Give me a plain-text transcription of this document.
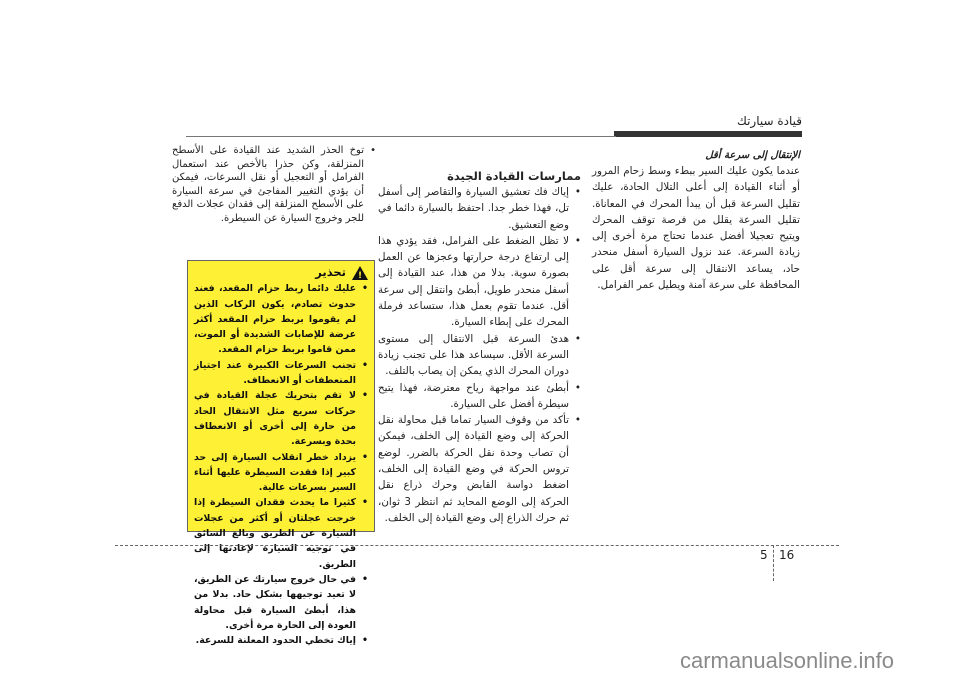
قيادة سيارتك
الإنتقال إلى سرعة أقل
عندما يكون عليك السير ببطء وسط زحام المرور أو أثناء القيادة إلى أعلى التلال الحادة، عليك تقليل السرعة قبل أن يبدأ المحرك في المعاناة. تقليل السرعة يقلل من فرصة توقف المحرك ويتيح تعجيلا أفضل عندما تحتاج مرة أخرى إلى زيادة السرعة. عند نزول السيارة أسفل منحدر حاد، يساعد الانتقال إلى سرعة أقل على المحافظة على سرعة آمنة ويطيل عمر الفرامل.
ممارسات القيادة الجيدة
• إياك فك تعشيق السيارة والتقاصر إلى أسفل تل، فهذا خطر جدا. احتفظ بالسيارة دائما في وضع التعشيق.
• لا تظل الضغط على الفرامل، فقد يؤدي هذا إلى ارتفاع درجة حرارتها وعجزها عن العمل بصورة سوية. بدلا من هذا، عند القيادة إلى أسفل منحدر طويل، أبطئ وانتقل إلى سرعة أقل. عندما تقوم بعمل هذا، ستساعد فرملة المحرك على إبطاء السيارة.
• هدئ السرعة قبل الانتقال إلى مستوى السرعة الأقل. سيساعد هذا على تجنب زيادة دوران المحرك الذي يمكن إن يصاب بالتلف.
• أبطئ عند مواجهة رياح معترضة، فهذا يتيح سيطرة أفضل على السيارة.
• تأكد من وقوف السيار تماما قبل محاولة نقل الحركة إلى وضع القيادة إلى الخلف، فيمكن أن تصاب وحدة نقل الحركة بالضرر. لوضع تروس الحركة في وضع القيادة إلى الخلف، اضغط دواسة القابض وحرك ذراع نقل الحركة إلى الوضع المحايد ثم انتظر 3 ثوان، ثم حرك الذراع إلى وضع القيادة إلى الخلف.
• توخ الحذر الشديد عند القيادة على الأسطح المنزلقة، وكن حذرا بالأخص عند استعمال الفرامل أو التعجيل أو نقل السرعات، فيمكن أن يؤدي التغيير المفاجئ في سرعة السيارة على الأسطح المنزلقة إلى فقدان عجلات الدفع للجر وخروج السيارة عن السيطرة.
!
تحذير
• عليك دائما ربط حزام المقعد، فعند حدوث تصادم، يكون الركاب الذين لم يقوموا بربط حزام المقعد أكثر عرضة للإصابات الشديدة أو الموت، ممن قاموا بربط حزام المقعد.
• تجنب السرعات الكبيرة عند اجتياز المنعطفات أو الانعطاف.
• لا تقم بتحريك عجلة القيادة في حركات سريع مثل الانتقال الحاد من حارة إلى أخرى أو الانعطاف بحدة وبسرعة.
• يزداد خطر انقلاب السيارة إلى حد كبير إذا فقدت السيطرة عليها أثناء السير بسرعات عالية.
• كثيرا ما يحدث فقدان السيطرة إذا خرجت عجلتان أو أكثر من عجلات السيارة عن الطريق وبالغ السائق في توجيه السيارة لإعادتها إلى الطريق.
• في حال خروج سيارتك عن الطريق، لا تعيد توجيهها بشكل حاد. بدلا من هذا، أبطئ السيارة قبل محاولة العودة إلى الحارة مرة أخرى.
• إياك تخطي الحدود المعلنة للسرعة.
5 16
carmanualsonline.info
